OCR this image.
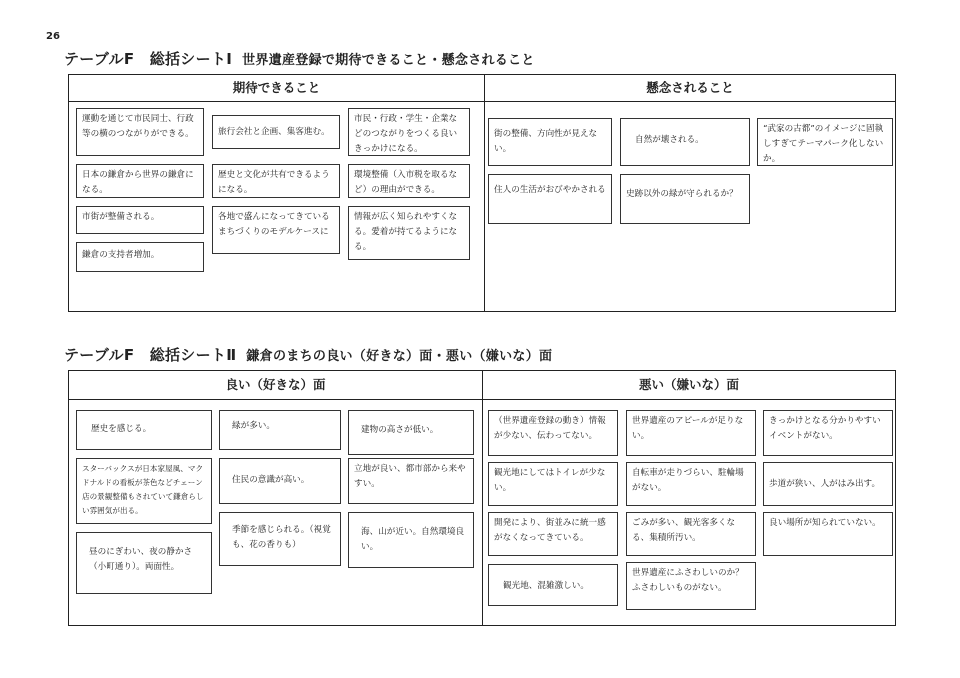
26
テーブルF　総括シートⅠ 世界遺産登録で期待できること・懸念されること
期待できること	懸念されること
運動を通じて市民同士、行政等の横のつながりができる。	旅行会社と企画、集客進む。
市民・行政・学生・企業などのつながりをつくる良いきっかけになる。
日本の鎌倉から世界の鎌倉になる。
歴史と文化が共有できるようになる。
環境整備（入市税を取るなど）の理由ができる。
市街が整備される。	各地で盛んになってきているまちづくりのモデルケースに
情報が広く知られやすくなる。愛着が持てるようになる。
鎌倉の支持者増加。
街の整備、方向性が見えない。
自然が壊される。
“武家の古都”のイメージに固執しすぎてテーマパーク化しないか。
住人の生活がおびやかされる	史跡以外の緑が守られるか？
テーブルF　総括シートⅡ 鎌倉のまちの良い（好きな）面・悪い（嫌いな）面
良い（好きな）面	悪い（嫌いな）面
歴史を感じる。	緑が多い。	建物の高さが低い。
スターバックスが日本家屋風、マクドナルドの看板が茶色などチェーン店の景観整備もされていて鎌倉らしい雰囲気が出る。
住民の意識が高い。
立地が良い、都市部から来やすい。
季節を感じられる。（視覚も、花の香りも）
海、山が近い。自然環境良い。
昼のにぎわい、夜の静かさ（小町通り）。両面性。
（世界遺産登録の動き）情報が少ない、伝わってない。
世界遺産のアピールが足りない。
きっかけとなる分かりやすいイベントがない。
観光地にしてはトイレが少ない。
自転車が走りづらい、駐輪場がない。	歩道が狭い、人がはみ出す。
開発により、街並みに統一感がなくなってきている。
ごみが多い、観光客多くなる、集積所汚い。
良い場所が知られていない。
観光地、混雑激しい。
世界遺産にふさわしいのか？ふさわしいものがない。
